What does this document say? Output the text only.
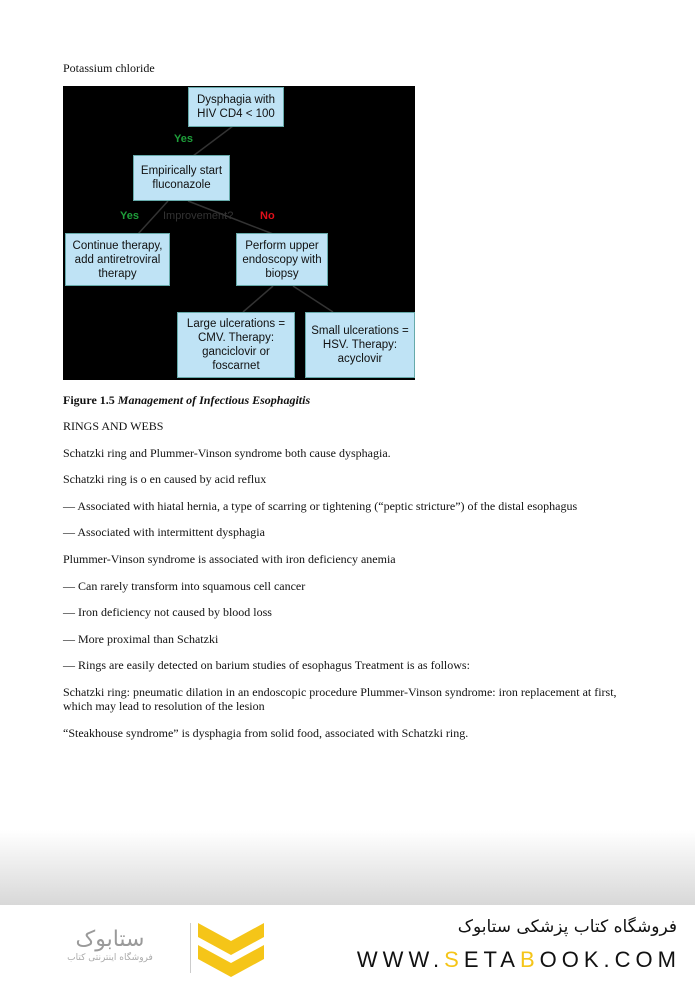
Potassium chloride
Dysphagia with HIV CD4 < 100
Yes
Empirically start fluconazole
Yes Improvement? No
Continue therapy, add antiretroviral therapy
Perform upper endoscopy with biopsy
Large ulcerations = CMV. Therapy: ganciclovir or foscarnet
Small ulcerations = HSV. Therapy: acyclovir
Figure 1.5 Management of Infectious Esophagitis
RINGS AND WEBS
Schatzki ring and Plummer-Vinson syndrome both cause dysphagia.
Schatzki ring is o en caused by acid reflux
— Associated with hiatal hernia, a type of scarring or tightening (“peptic stricture”) of the distal esophagus
— Associated with intermittent dysphagia
Plummer-Vinson syndrome is associated with iron deficiency anemia
— Can rarely transform into squamous cell cancer
— Iron deficiency not caused by blood loss
— More proximal than Schatzki
— Rings are easily detected on barium studies of esophagus Treatment is as follows:
Schatzki ring: pneumatic dilation in an endoscopic procedure Plummer-Vinson syndrome: iron replacement at first, which may lead to resolution of the lesion
“Steakhouse syndrome” is dysphagia from solid food, associated with Schatzki ring.
ستابوک
فروشگاه اینترنتی کتاب
فروشگاه کتاب پزشکی ستابوک
WWW.SETABOOK.COM
